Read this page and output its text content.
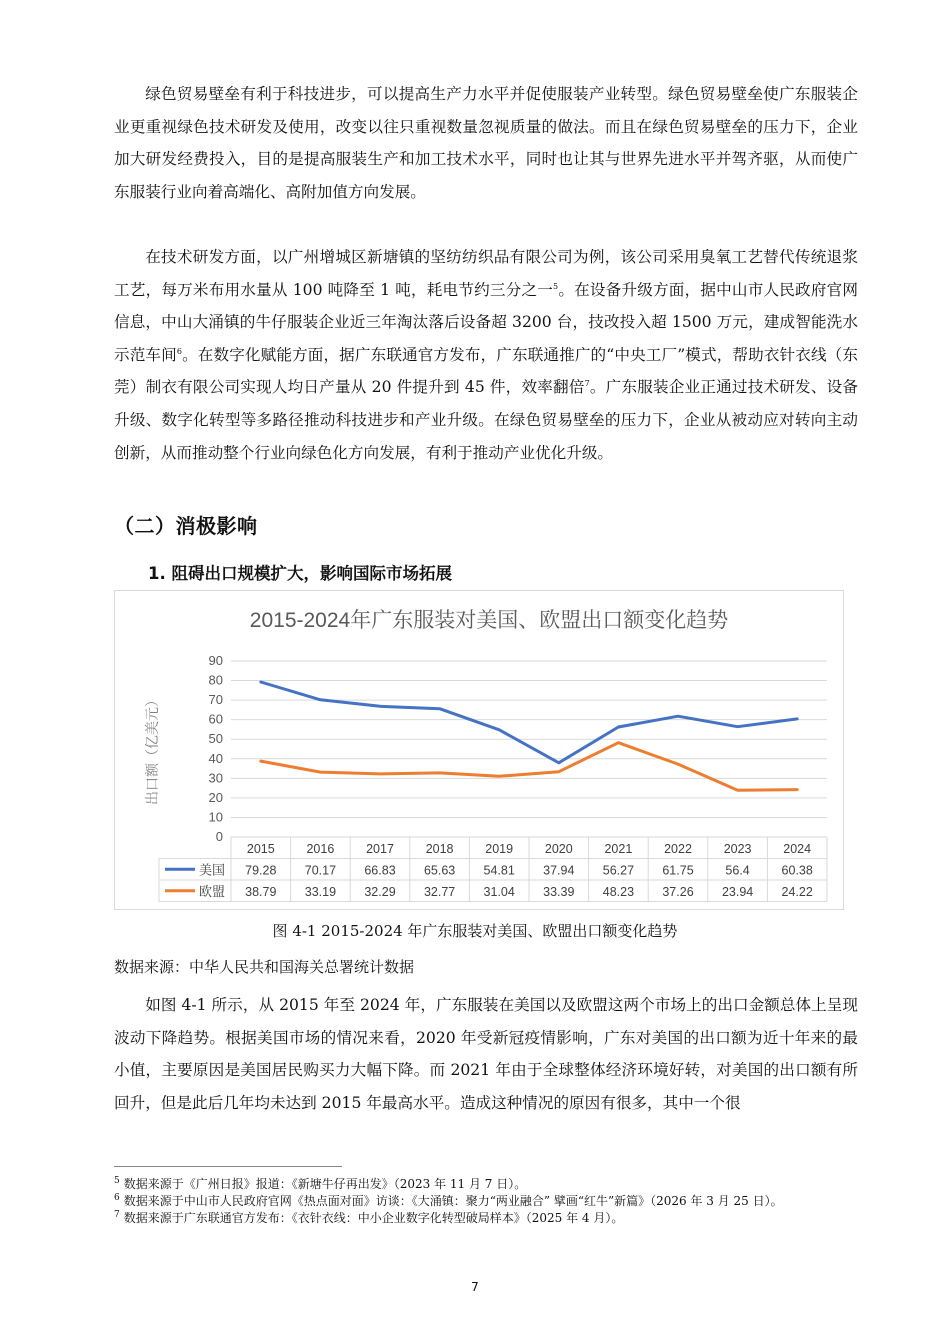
绿色贸易壁垒有利于科技进步，可以提高生产力水平并促使服装产业转型。绿色贸易壁垒使广东服装企业更重视绿色技术研发及使用，改变以往只重视数量忽视质量的做法。而且在绿色贸易壁垒的压力下，企业加大研发经费投入，目的是提高服装生产和加工技术水平，同时也让其与世界先进水平并驾齐驱，从而使广东服装行业向着高端化、高附加值方向发展。

在技术研发方面，以广州增城区新塘镇的坚纺纺织品有限公司为例，该公司采用臭氧工艺替代传统退浆工艺，每万米布用水量从 100 吨降至 1 吨，耗电节约三分之一$^5$。在设备升级方面，据中山市人民政府官网信息，中山大涌镇的牛仔服装企业近三年淘汰落后设备超 3200 台，技改投入超 1500 万元，建成智能洗水示范车间$^6$。在数字化赋能方面，据广东联通官方发布，广东联通推广的“中央工厂”模式，帮助衣针衣线（东莞）制衣有限公司实现人均日产量从 20 件提升到 45 件，效率翻倍$^7$。广东服装企业正通过技术研发、设备升级、数字化转型等多路径推动科技进步和产业升级。在绿色贸易壁垒的压力下，企业从被动应对转向主动创新，从而推动整个行业向绿色化方向发展，有利于推动产业优化升级。

（二）消极影响
1. 阻碍出口规模扩大，影响国际市场拓展
2015-2024年广东服装对美国、欧盟出口额变化趋势
0
10
20
30
40
50
60
70
80
90
出口额（亿美元）
2015	2016	2017	2018	2019	2020	2021	2022	2023	2024
美国 79.28 70.17 66.83 65.63 54.81 37.94 56.27 61.75	56.4	60.38
欧盟 38.79 33.19 32.29 32.77 31.04 33.39 48.23 37.26 23.94 24.22

图 4-1 2015-2024 年广东服装对美国、欧盟出口额变化趋势

数据来源：中华人民共和国海关总署统计数据

如图 4-1 所示，从 2015 年至 2024 年，广东服装在美国以及欧盟这两个市场上的出口金额总体上呈现波动下降趋势。根据美国市场的情况来看，2020 年受新冠疫情影响，广东对美国的出口额为近十年来的最小值，主要原因是美国居民购买力大幅下降。而 2021 年由于全球整体经济环境好转，对美国的出口额有所回升，但是此后几年均未达到 2015 年最高水平。造成这种情况的原因有很多，其中一个很

$^5$ 数据来源于《广州日报》报道：《新塘牛仔再出发》（2023 年 11 月 7 日）。

$^6$ 数据来源于中山市人民政府官网《热点面对面》访谈：《大涌镇：聚力“两业融合” 擘画“红牛”新篇》（2026 年 3 月 25 日）。

$^7$ 数据来源于广东联通官方发布：《衣针衣线：中小企业数字化转型破局样本》（2025 年 4 月）。

7
